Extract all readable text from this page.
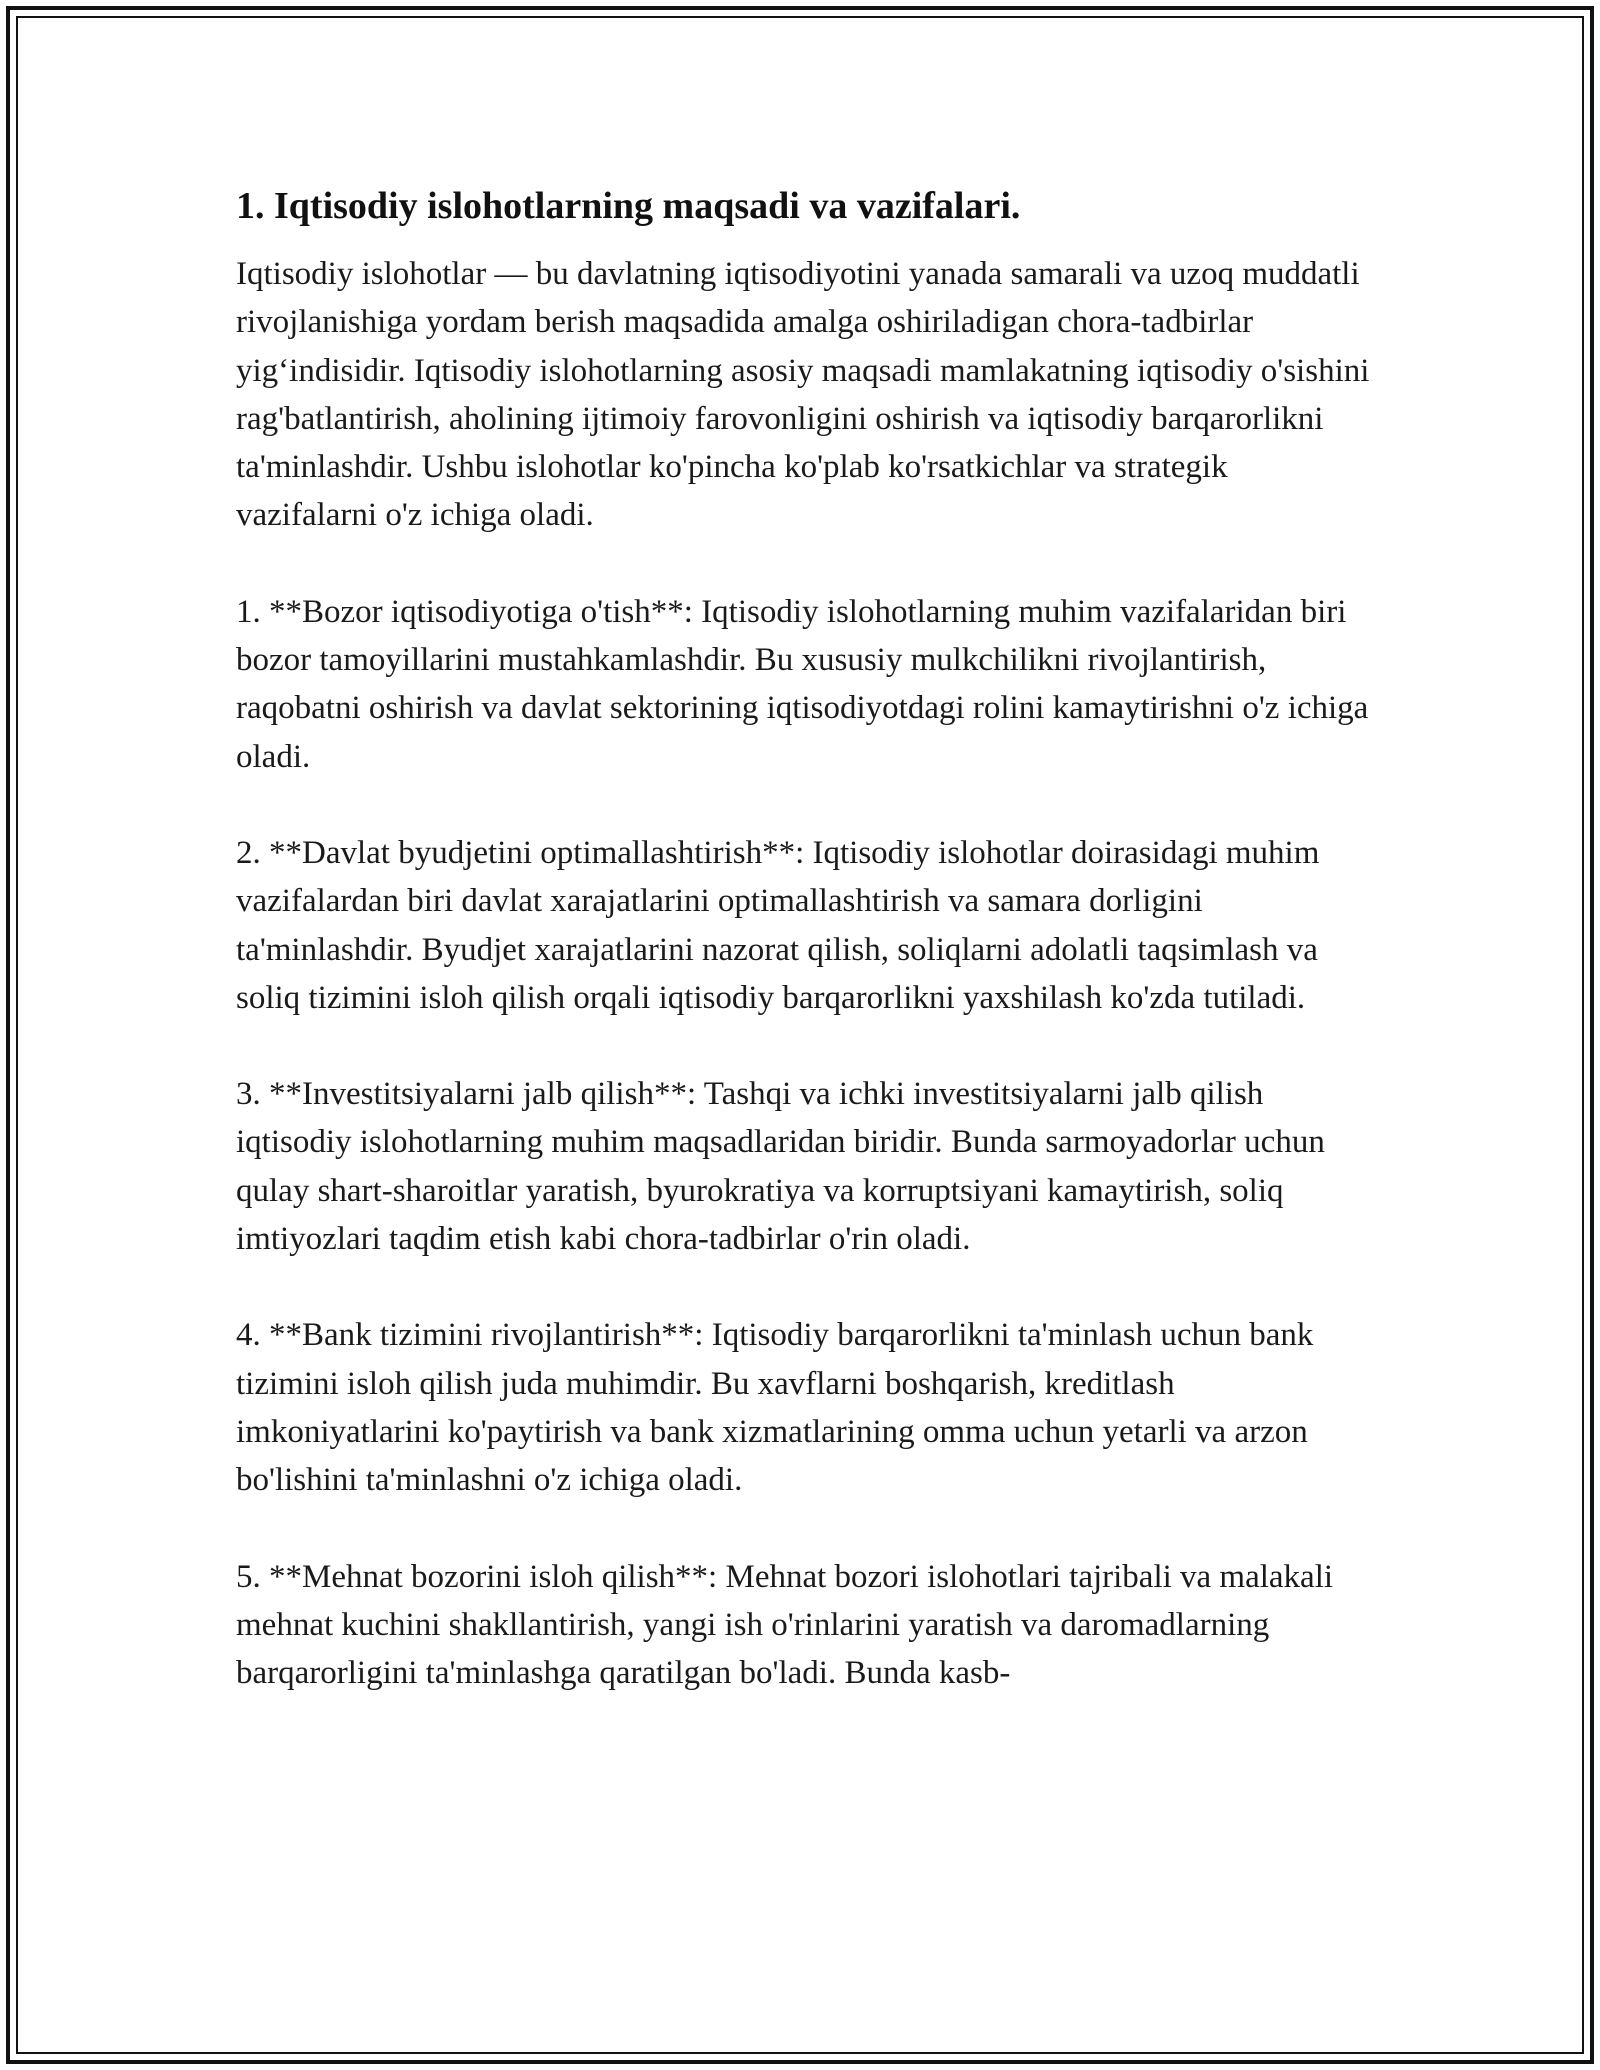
1. Iqtisodiy islohotlarning maqsadi va vazifalari.

Iqtisodiy islohotlar — bu davlatning iqtisodiyotini yanada samarali va uzoq muddatli rivojlanishiga yordam berish maqsadida amalga oshiriladigan chora-tadbirlar yig‘indisidir. Iqtisodiy islohotlarning asosiy maqsadi mamlakatning iqtisodiy o'sishini rag'batlantirish, aholining ijtimoiy farovonligini oshirish va iqtisodiy barqarorlikni ta'minlashdir. Ushbu islohotlar ko'pincha ko'plab ko'rsatkichlar va strategik vazifalarni o'z ichiga oladi.

1. **Bozor iqtisodiyotiga o'tish**: Iqtisodiy islohotlarning muhim vazifalaridan biri bozor tamoyillarini mustahkamlashdir. Bu xususiy mulkchilikni rivojlantirish, raqobatni oshirish va davlat sektorining iqtisodiyotdagi rolini kamaytirishni o'z ichiga oladi.

2. **Davlat byudjetini optimallashtirish**: Iqtisodiy islohotlar doirasidagi muhim vazifalardan biri davlat xarajatlarini optimallashtirish va samara dorligini ta'minlashdir. Byudjet xarajatlarini nazorat qilish, soliqlarni adolatli taqsimlash va soliq tizimini isloh qilish orqali iqtisodiy barqarorlikni yaxshilash ko'zda tutiladi.

3. **Investitsiyalarni jalb qilish**: Tashqi va ichki investitsiyalarni jalb qilish iqtisodiy islohotlarning muhim maqsadlaridan biridir. Bunda sarmoyadorlar uchun qulay shart-sharoitlar yaratish, byurokratiya va korruptsiyani kamaytirish, soliq imtiyozlari taqdim etish kabi chora-tadbirlar o'rin oladi.

4. **Bank tizimini rivojlantirish**: Iqtisodiy barqarorlikni ta'minlash uchun bank tizimini isloh qilish juda muhimdir. Bu xavflarni boshqarish, kreditlash imkoniyatlarini ko'paytirish va bank xizmatlarining omma uchun yetarli va arzon bo'lishini ta'minlashni o'z ichiga oladi.

5. **Mehnat bozorini isloh qilish**: Mehnat bozori islohotlari tajribali va malakali mehnat kuchini shakllantirish, yangi ish o'rinlarini yaratish va daromadlarning barqarorligini ta'minlashga qaratilgan bo'ladi. Bunda kasb-
